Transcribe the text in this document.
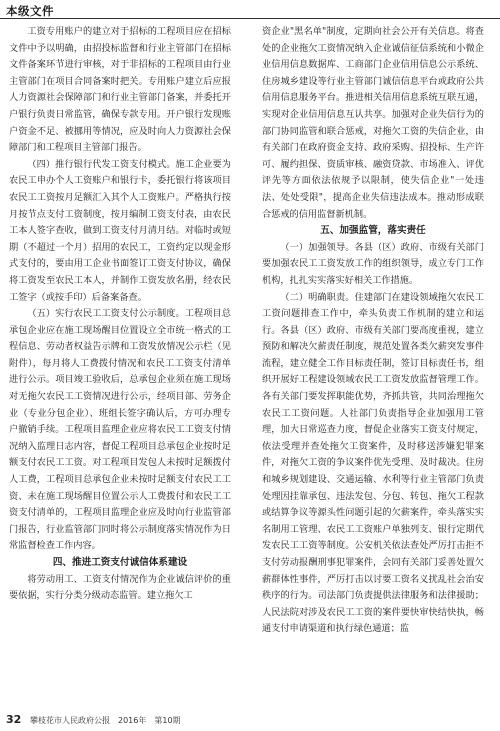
本级文件

工资专用账户的建立对于招标的工程项目应在招标文件中予以明确，由招投标监督和行业主管部门在招标文件备案环节进行审核，对于非招标的工程项目由行业主管部门在项目合同备案时把关。专用账户建立后应报人力资源社会保障部门和行业主管部门备案，并委托开户银行负责日常监管，确保专款专用。开户银行发现账户资金不足、被挪用等情况，应及时向人力资源社会保障部门和工程项目主管部门报告。

（四）推行银行代发工资支付模式。施工企业要为农民工申办个人工资账户和银行卡，委托银行将该项目农民工工资按月足额汇入其个人工资账户。严格执行按月按节点支付工资制度，按月编制工资支付表，由农民工本人签字查收，做到工资支付月清月结。对临时或短期（不超过一个月）招用的农民工，工资约定以现金形式支付的，要由用工企业书面签订工资支付协议，确保将工资发至农民工本人，并制作工资发放名册，经农民工签字（或按手印）后备案备查。

（五）实行农民工工资支付公示制度。工程项目总承包企业应在施工现场醒目位置设立全市统一格式的工程信息、劳动者权益告示牌和工资发放情况公示栏（见附件），每月将人工费拨付情况和农民工工资支付清单进行公示。项目竣工验收后，总承包企业须在施工现场对无拖欠农民工工资情况进行公示，经项目部、劳务企业（专业分包企业）、班组长签字确认后，方可办理专户撤销手续。工程项目监理企业应将农民工工资支付情况纳入监理日志内容，督促工程项目总承包企业按时足额支付农民工工资。对工程项目发包人未按时足额拨付人工费，工程项目总承包企业未按时足额支付农民工工资、未在施工现场醒目位置公示人工费拨付和农民工工资支付清单的，工程项目监理企业应及时向行业监管部门报告，行业监管部门同时将公示制度落实情况作为日常监督检查工作内容。

四、推进工资支付诚信体系建设

将劳动用工、工资支付情况作为企业诚信评价的重要依据，实行分类分级动态监管。建立拖欠工

资企业"黑名单"制度，定期向社会公开有关信息。将查处的企业拖欠工资情况纳入企业诚信征信系统和小微企业信用信息数据库、工商部门企业信用信息公示系统、住房城乡建设等行业主管部门诚信信息平台或政府公共信用信息服务平台。推进相关信用信息系统互联互通，实现对企业信用信息互认共享。加强对企业失信行为的部门协同监管和联合惩戒，对拖欠工资的失信企业，由有关部门在政府资金支持、政府采购、招投标、生产许可、履约担保、资质审核、融资贷款、市场准入、评优评先等方面依法依规予以限制，使失信企业"一处违法、处处受限"，提高企业失信违法成本。推动形成联合惩戒的信用监督新机制。

五、加强监管，落实责任

（一）加强领导。各县（区）政府、市级有关部门要加强农民工工资发放工作的组织领导，成立专门工作机构，扎扎实实落实好相关工作措施。

（二）明确职责。住建部门在建设领域拖欠农民工工资问题排查工作中，牵头负责工作机制的建立和运行。各县（区）政府、市级有关部门要高度重视，建立预防和解决欠薪责任制度，规范处置各类欠薪突发事件流程，建立健全工作目标责任制，签订目标责任书，组织开展好工程建设领域农民工工资发放监督管理工作。各有关部门要发挥职能优势，齐抓共管，共同治理拖欠农民工工资问题。人社部门负责指导企业加强用工管理，加大日常巡查力度，督促企业落实工资支付规定，依法受理并查处拖欠工资案件，及时移送涉嫌犯罪案件，对拖欠工资的争议案件优先受理、及时裁决。住房和城乡规划建设、交通运输、水利等行业主管部门负责处理因挂靠承包、违法发包、分包、转包、拖欠工程款或结算争议等源头性问题引起的欠薪案件，牵头落实实名制用工管理、农民工工资账户单独列支、银行定期代发农民工工资等制度。公安机关依法查处严厉打击拒不支付劳动报酬刑事犯罪案件，会同有关部门妥善处置欠薪群体性事件，严厉打击以讨要工资名义扰乱社会治安秩序的行为。司法部门负责提供法律服务和法律援助；人民法院对涉及农民工工资的案件要快审快结快执，畅通支付申请渠道和执行绿色通道；监

32 攀枝花市人民政府公报　2016年　第10期
